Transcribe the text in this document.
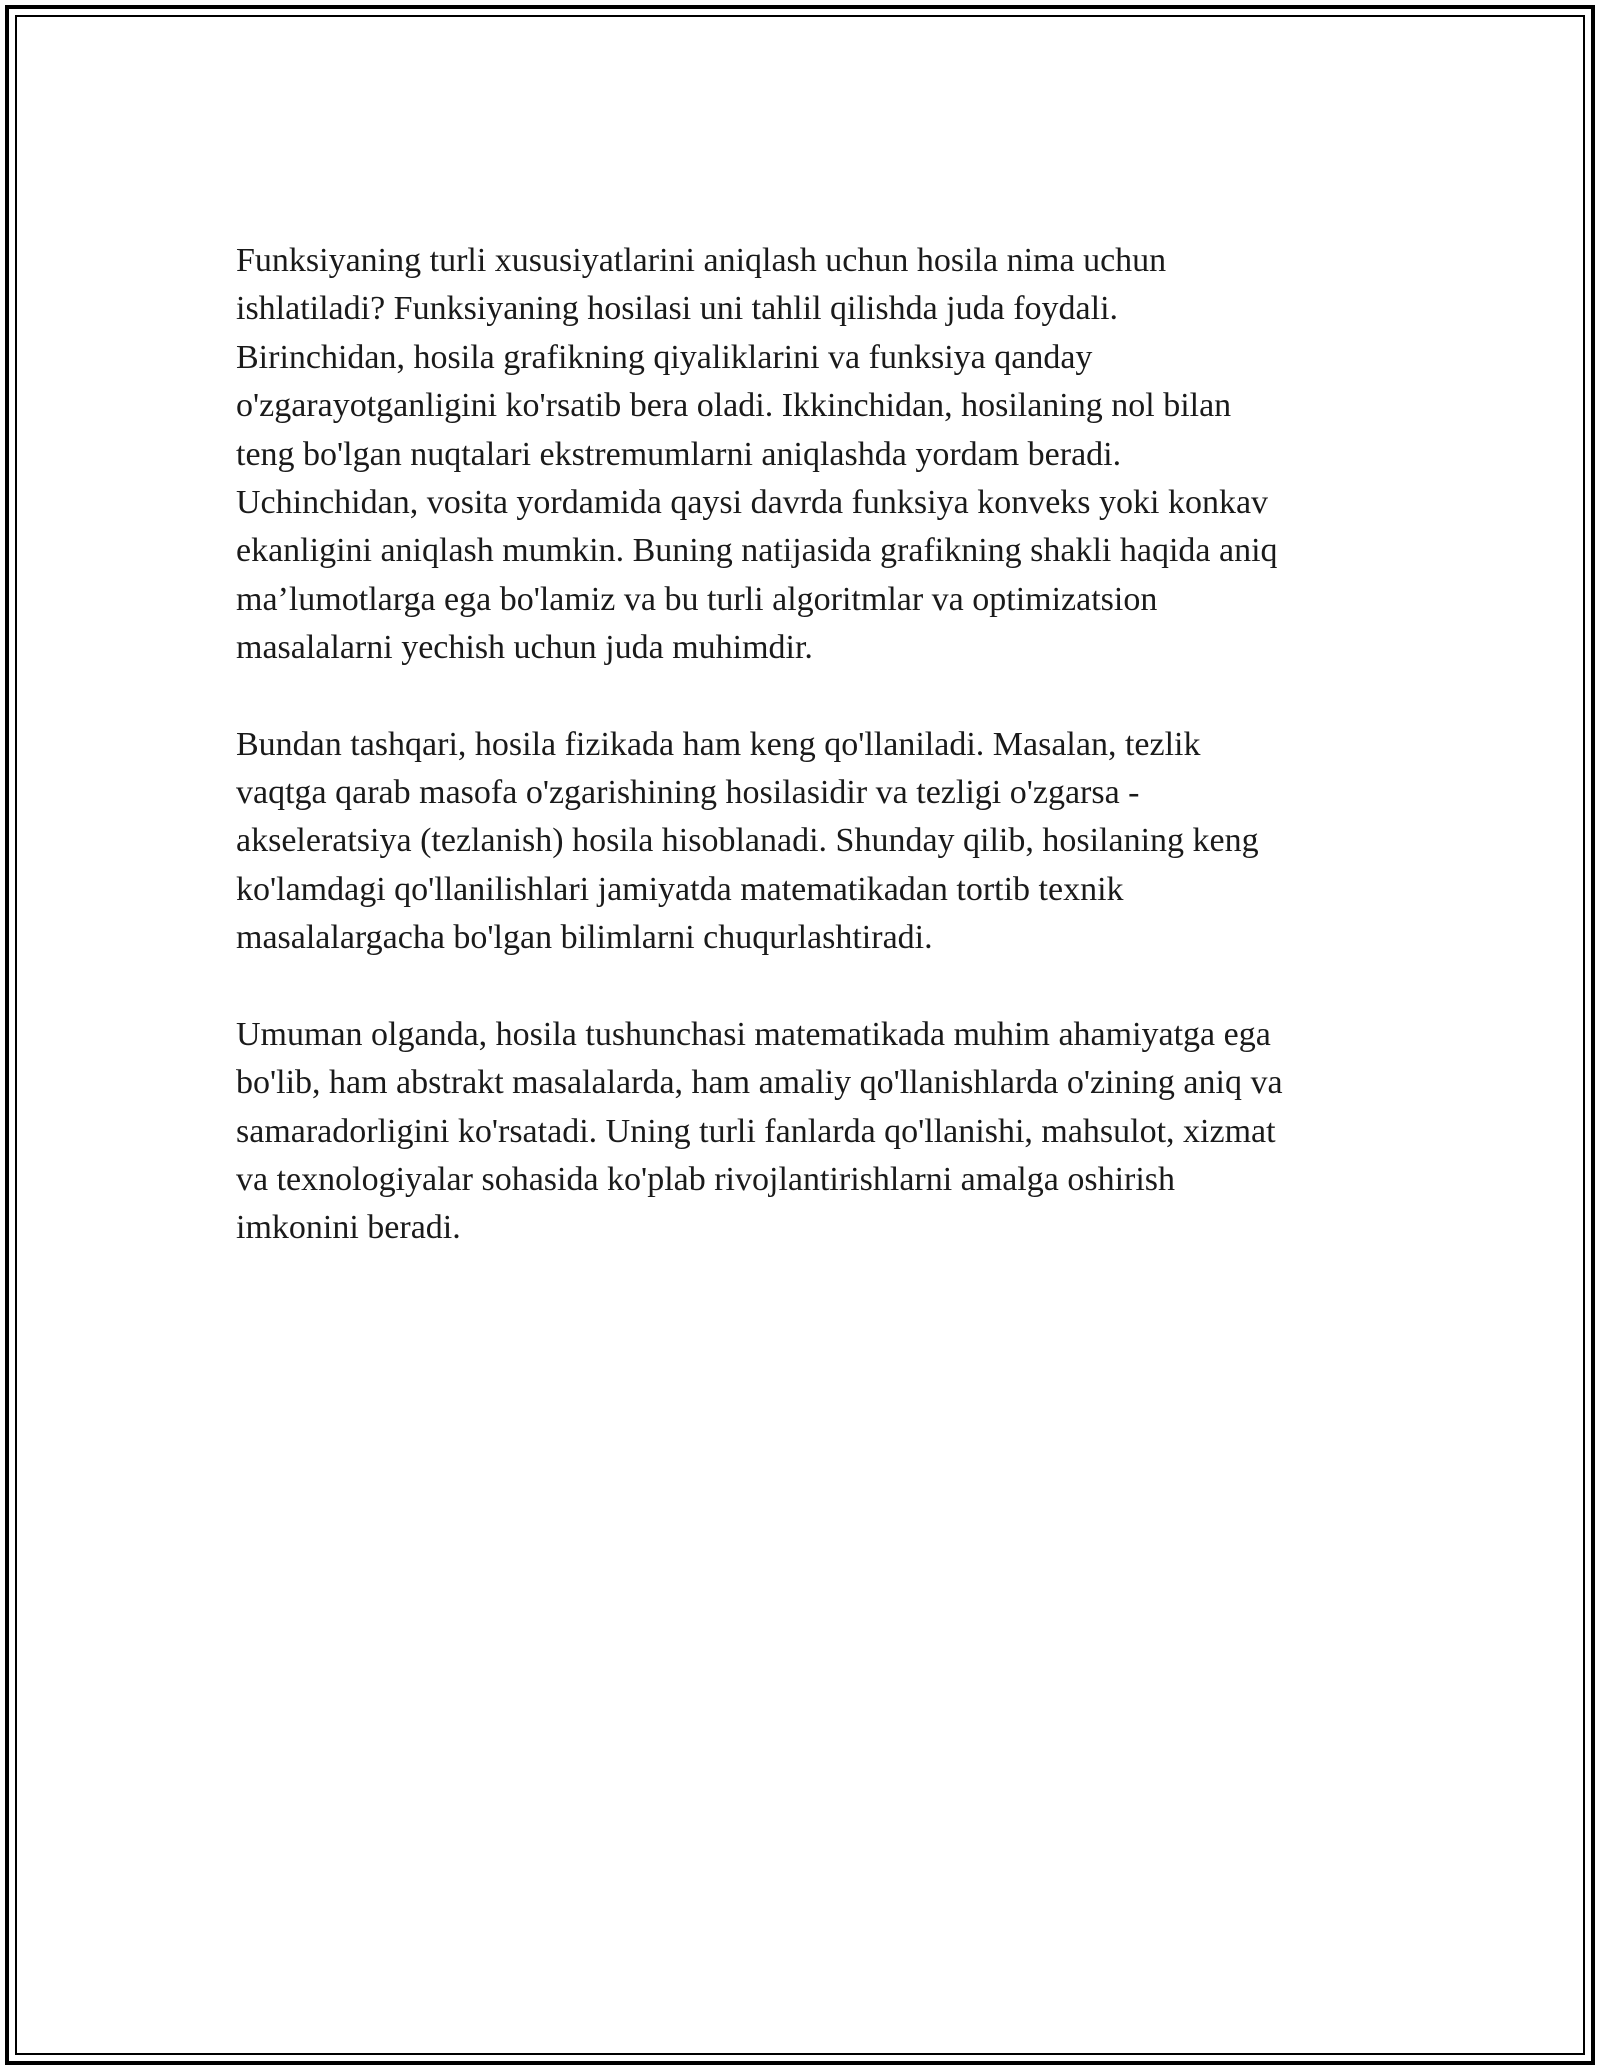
Funksiyaning turli xususiyatlarini aniqlash uchun hosila nima uchun
ishlatiladi? Funksiyaning hosilasi uni tahlil qilishda juda foydali.
Birinchidan, hosila grafikning qiyaliklarini va funksiya qanday
o'zgarayotganligini ko'rsatib bera oladi. Ikkinchidan, hosilaning nol bilan
teng bo'lgan nuqtalari ekstremumlarni aniqlashda yordam beradi.
Uchinchidan, vosita yordamida qaysi davrda funksiya konveks yoki konkav
ekanligini aniqlash mumkin. Buning natijasida grafikning shakli haqida aniq
ma’lumotlarga ega bo'lamiz va bu turli algoritmlar va optimizatsion
masalalarni yechish uchun juda muhimdir.

Bundan tashqari, hosila fizikada ham keng qo'llaniladi. Masalan, tezlik
vaqtga qarab masofa o'zgarishining hosilasidir va tezligi o'zgarsa -
akseleratsiya (tezlanish) hosila hisoblanadi. Shunday qilib, hosilaning keng
ko'lamdagi qo'llanilishlari jamiyatda matematikadan tortib texnik
masalalargacha bo'lgan bilimlarni chuqurlashtiradi.

Umuman olganda, hosila tushunchasi matematikada muhim ahamiyatga ega
bo'lib, ham abstrakt masalalarda, ham amaliy qo'llanishlarda o'zining aniq va
samaradorligini ko'rsatadi. Uning turli fanlarda qo'llanishi, mahsulot, xizmat
va texnologiyalar sohasida ko'plab rivojlantirishlarni amalga oshirish
imkonini beradi.
